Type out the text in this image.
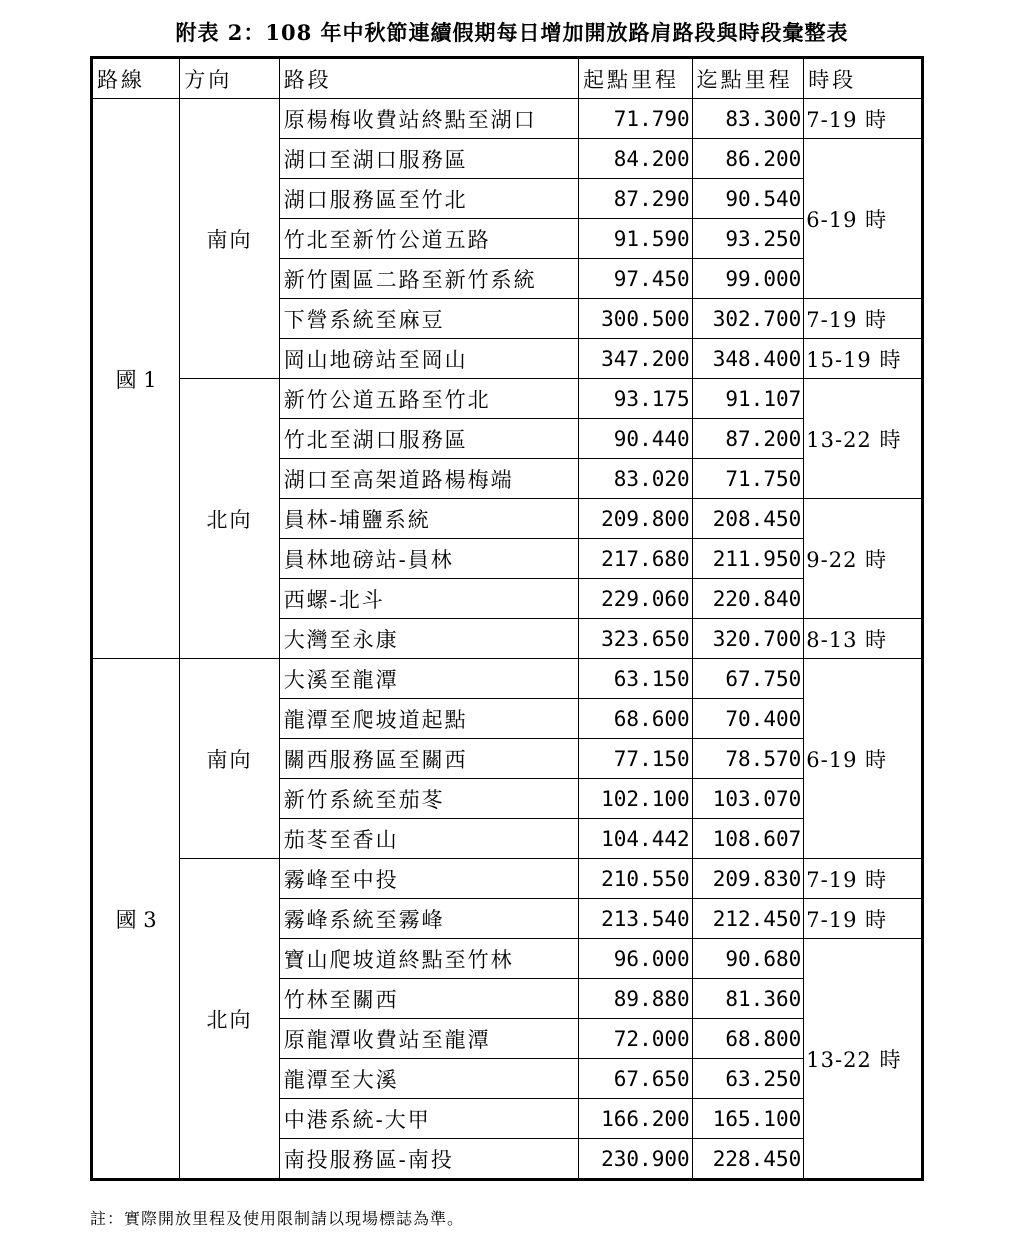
附表 2：108 年中秋節連續假期每日增加開放路肩路段與時段彙整表
路線	方向	路段	起點里程	迄點里程	時段
國 1	南向	原楊梅收費站終點至湖口	71.790	83.300	7-19 時
		湖口至湖口服務區	84.200	86.200	6-19 時
		湖口服務區至竹北	87.290	90.540	
		竹北至新竹公道五路	91.590	93.250	
		新竹園區二路至新竹系統	97.450	99.000	
		下營系統至麻豆	300.500	302.700	7-19 時
		岡山地磅站至岡山	347.200	348.400	15-19 時
	北向	新竹公道五路至竹北	93.175	91.107	13-22 時
		竹北至湖口服務區	90.440	87.200	
		湖口至高架道路楊梅端	83.020	71.750	
		員林-埔鹽系統	209.800	208.450	9-22 時
		員林地磅站-員林	217.680	211.950	
		西螺-北斗	229.060	220.840	
		大灣至永康	323.650	320.700	8-13 時
國 3	南向	大溪至龍潭	63.150	67.750	6-19 時
		龍潭至爬坡道起點	68.600	70.400	
		關西服務區至關西	77.150	78.570	
		新竹系統至茄苳	102.100	103.070	
		茄苳至香山	104.442	108.607	
	北向	霧峰至中投	210.550	209.830	7-19 時
		霧峰系統至霧峰	213.540	212.450	7-19 時
		寶山爬坡道終點至竹林	96.000	90.680	13-22 時
		竹林至關西	89.880	81.360	
		原龍潭收費站至龍潭	72.000	68.800	
		龍潭至大溪	67.650	63.250	
		中港系統-大甲	166.200	165.100	
		南投服務區-南投	230.900	228.450	
註：實際開放里程及使用限制請以現場標誌為準。
